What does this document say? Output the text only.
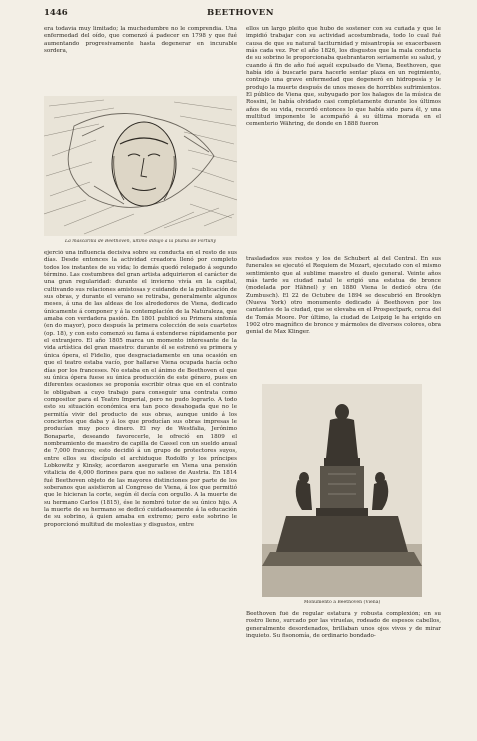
1446	BEETHOVEN

era todavía muy limitado; la muchedumbre no le comprendía. Una enfermedad del oído, que comenzó á padecer en 1798 y que fué aumentando progresivamente hasta degenerar en incurable sordera,

ellos un largo pleito que hubo de sostener con su cuñada y que le impidió trabajar con su actividad acostumbrada, todo lo cual fué causa de que su natural taciturnidad y misantropía se exacerbasen más cada vez. Por el año 1826, los disgustos que la mala conducta de su sobrino le proporcionaba quebrantaron seriamente su salud, y cuando á fin de año fué aquél expulsado de Viena, Beethoven, que había ido á buscarle para hacerle sentar plaza en un regimiento, contrajo una grave enfermedad que degeneró en hidropesía y le produjo la muerte después de unos meses de horribles sufrimientos. El público de Viena que, subyugado por los halagos de la música de Rossini, le había olvidado casi completamente durante los últimos años de su vida, recordó entonces lo que había sido para él, y una multitud imponente le acompañó á su última morada en el cementerio Währing, de donde en 1888 fueron

La mascarilla de Beethoven, último dibujo á la pluma de Fortuny

ejerció una influencia decisiva sobre su conducta en el resto de sus días. Desde entonces la actividad creadora llenó por completo todos los instantes de su vida; lo demás quedó relegado á segundo término. Las costumbres del gran artista adquirieron el carácter de una gran regularidad: durante el invierno vivía en la capital, cultivando sus relaciones amistosas y cuidando de la publicación de sus obras, y durante el verano se retiraba, generalmente algunos meses, á una de las aldeas de los alrededores de Viena, dedicado únicamente á componer y á la contemplación de la Naturaleza, que amaba con verdadera pasión. En 1801 publicó su Primera sinfonía (en do mayor), poco después la primera colección de seis cuartetos (op. 18), y con esto comenzó su fama á extenderse rápidamente por el extranjero. El año 1805 marca un momento interesante de la vida artística del gran maestro: durante él se estrenó su primera y única ópera, el Fidelio, que desgraciadamente en una ocasión en que el teatro estaba vacío, por hallarse Viena ocupada hacía ocho días por los franceses. No estaba en el ánimo de Beethoven el que su única ópera fuese su única producción de este género, pues en diferentes ocasiones se proponía escribir otras que en el contrato le obligaban a cuyo trabajo para conseguir una contrata como compositor para el Teatro Imperial, pero no pudo lograrlo. A todo esto su situación económica era tan poco desahogada que no le permitía vivir del producto de sus obras, aunque unido á los conciertos que daba y á los que producían sus obras impresas le producían muy poco dinero. El rey de Westfalia, Jerónimo Bonaparte, deseando favorecerle, le ofreció en 1809 el nombramiento de maestro de capilla de Cassel con un sueldo anual de 7,000 francos; esto decidió á un grupo de protectores suyos, entre ellos su discípulo el archiduque Rodolfo y los príncipes Lobkowitz y Kinsky, acordaron asegurarle en Viena una pensión vitalicia de 4,000 florines para que no saliese de Austria. En 1814 fué Beethoven objeto de las mayores distinciones por parte de los soberanos que asistieron al Congreso de Viena, á los que permitió que le hicieran la corte, según él decía con orgullo. A la muerte de su hermano Carlos (1815), ése le nombró tutor de su único hijo. A la muerte de su hermano se dedicó cuidadosamente á la educación de su sobrino, á quien amaba en extremo; pero este sobrino le proporcionó multitud de molestias y disgustos, entre

trasladados sus restos y los de Schubert al del Central. En sus funerales se ejecutó el Requiem de Mozart, ejecutado con el mismo sentimiento que al sublime maestro el duelo general. Veinte años más tarde su ciudad natal le erigió una estatua de bronce (modelada por Hähnel) y en 1880 Viena le dedicó otra (de Zumbusch). El 22 de Octubre de 1894 se descubrió en Brooklyn (Nueva York) otro monumento dedicado á Beethoven por los cantantes de la ciudad, que se elevaba en el Prospectpark, cerca del de Tomás Moore. Por último, la ciudad de Leipzig le ha erigido en 1902 otro magnífico de bronce y mármoles de diversos colores, obra genial de Max Klinger.

Monumento á Beethoven (Viena)

Beethoven fué de regular estatura y robusta complexión; en su rostro lleno, surcado por las viruelas, rodeado de espesos cabellos, generalmente desordenados, brillaban unos ojos vivos y de mirar inquieto. Su fisonomía, de ordinario bondado-
